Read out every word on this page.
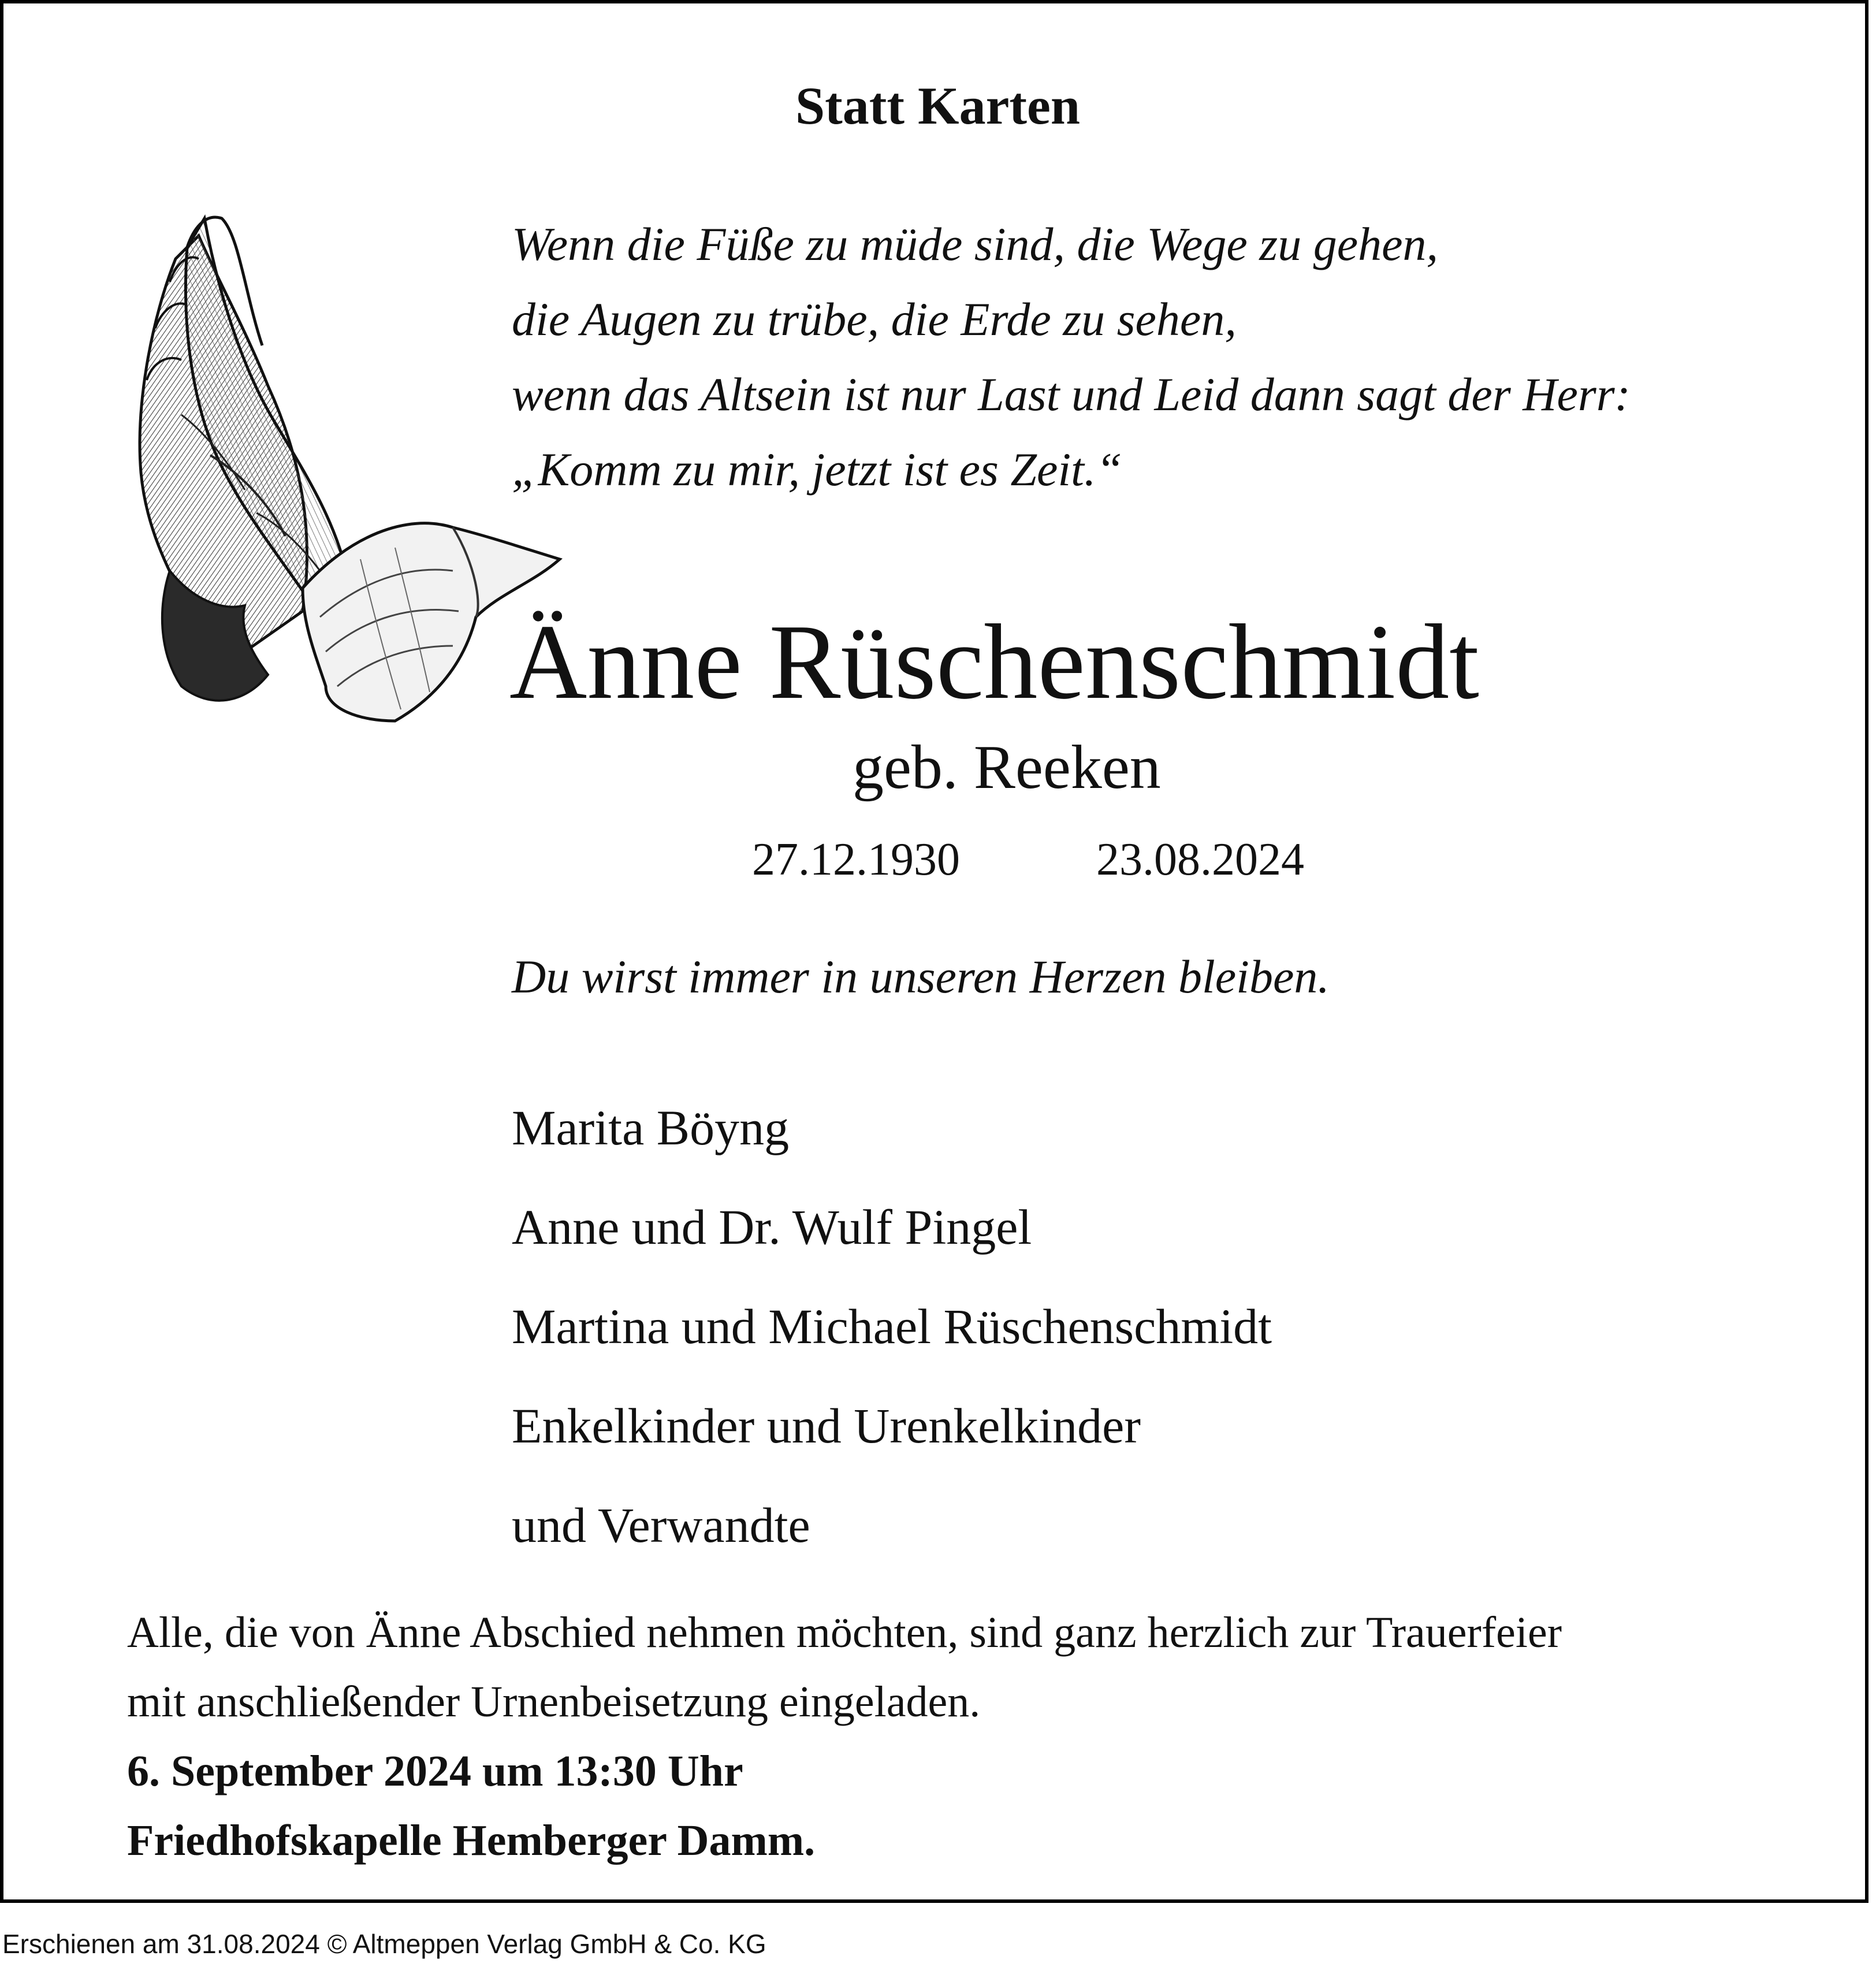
Statt Karten
Wenn die Füße zu müde sind, die Wege zu gehen,
die Augen zu trübe, die Erde zu sehen,
wenn das Altsein ist nur Last und Leid dann sagt der Herr:
„Komm zu mir, jetzt ist es Zeit.“
Änne Rüschenschmidt
geb. Reeken
27.12.1930	23.08.2024
Du wirst immer in unseren Herzen bleiben.
Marita Böyng
Anne und Dr. Wulf Pingel
Martina und Michael Rüschenschmidt
Enkelkinder und Urenkelkinder
und Verwandte
Alle, die von Änne Abschied nehmen möchten, sind ganz herzlich zur Trauerfeier
mit anschließender Urnenbeisetzung eingeladen.
6. September 2024 um 13:30 Uhr
Friedhofskapelle Hemberger Damm.
Erschienen am 31.08.2024 © Altmeppen Verlag GmbH & Co. KG
